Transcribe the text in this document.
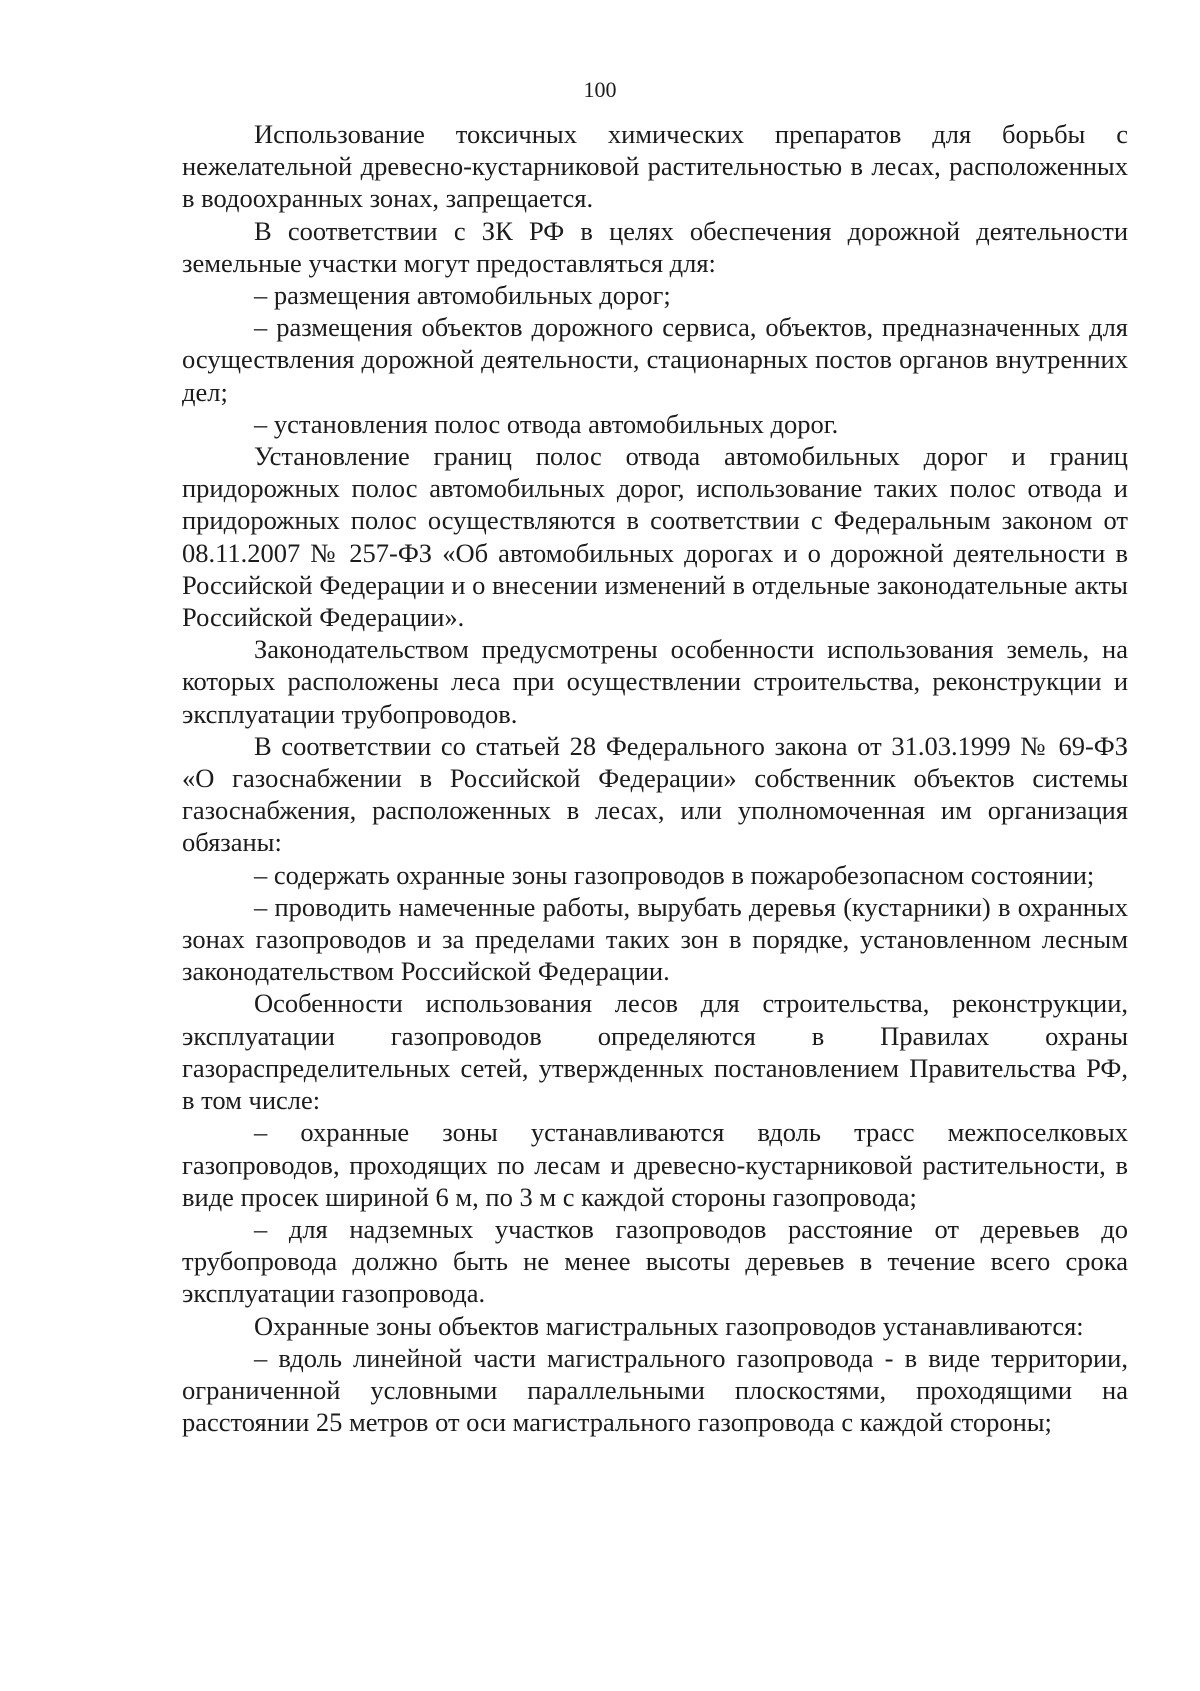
100

Использование токсичных химических препаратов для борьбы с нежелательной древесно-кустарниковой растительностью в лесах, расположенных в водоохранных зонах, запрещается.

В соответствии с ЗК РФ в целях обеспечения дорожной деятельности земельные участки могут предоставляться для:

– размещения автомобильных дорог;

– размещения объектов дорожного сервиса, объектов, предназначенных для осуществления дорожной деятельности, стационарных постов органов внутренних дел;

– установления полос отвода автомобильных дорог.

Установление границ полос отвода автомобильных дорог и границ придорожных полос автомобильных дорог, использование таких полос отвода и придорожных полос осуществляются в соответствии с Федеральным законом от 08.11.2007 № 257-ФЗ «Об автомобильных дорогах и о дорожной деятельности в Российской Федерации и о внесении изменений в отдельные законодательные акты Российской Федерации».

Законодательством предусмотрены особенности использования земель, на которых расположены леса при осуществлении строительства, реконструкции и эксплуатации трубопроводов.

В соответствии со статьей 28 Федерального закона от 31.03.1999 № 69-ФЗ «О газоснабжении в Российской Федерации» собственник объектов системы газоснабжения, расположенных в лесах, или уполномоченная им организация обязаны:

– содержать охранные зоны газопроводов в пожаробезопасном состоянии;

– проводить намеченные работы, вырубать деревья (кустарники) в охранных зонах газопроводов и за пределами таких зон в порядке, установленном лесным законодательством Российской Федерации.

Особенности использования лесов для строительства, реконструкции, эксплуатации газопроводов определяются в Правилах охраны газораспределительных сетей, утвержденных постановлением Правительства РФ, в том числе:

– охранные зоны устанавливаются вдоль трасс межпоселковых газопроводов, проходящих по лесам и древесно-кустарниковой растительности, в виде просек шириной 6 м, по 3 м с каждой стороны газопровода;

– для надземных участков газопроводов расстояние от деревьев до трубопровода должно быть не менее высоты деревьев в течение всего срока эксплуатации газопровода.

Охранные зоны объектов магистральных газопроводов устанавливаются:

– вдоль линейной части магистрального газопровода - в виде территории, ограниченной условными параллельными плоскостями, проходящими на расстоянии 25 метров от оси магистрального газопровода с каждой стороны;
